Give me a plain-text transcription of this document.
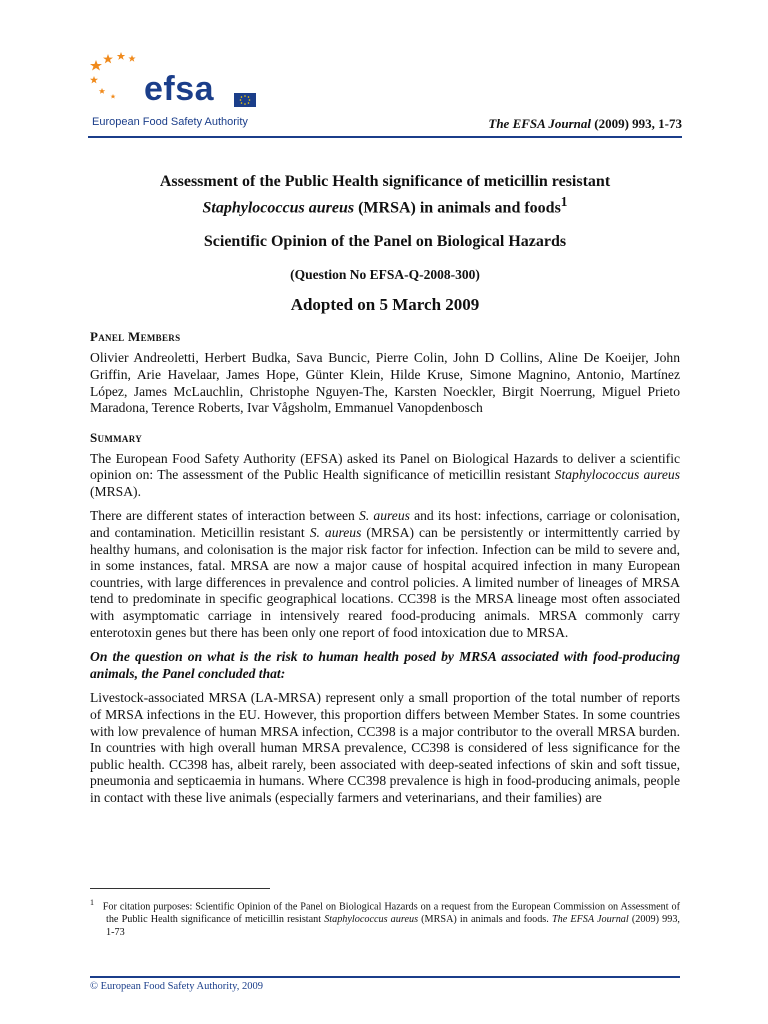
efsa
European Food Safety Authority	The EFSA Journal (2009) 993, 1-73
Assessment of the Public Health significance of meticillin resistant
Staphylococcus aureus (MRSA) in animals and foods$^1$

Scientific Opinion of the Panel on Biological Hazards

(Question No EFSA-Q-2008-300)

Adopted on 5 March 2009

Panel Members

Olivier Andreoletti, Herbert Budka, Sava Buncic, Pierre Colin, John D Collins, Aline De Koeijer, John Griffin, Arie Havelaar, James Hope, Günter Klein, Hilde Kruse, Simone Magnino, Antonio, Martínez López, James McLauchlin, Christophe Nguyen-The, Karsten Noeckler, Birgit Noerrung, Miguel Prieto Maradona, Terence Roberts, Ivar Vågsholm, Emmanuel Vanopdenbosch

Summary

The European Food Safety Authority (EFSA) asked its Panel on Biological Hazards to deliver a scientific opinion on: The assessment of the Public Health significance of meticillin resistant Staphylococcus aureus (MRSA).

There are different states of interaction between S. aureus and its host: infections, carriage or colonisation, and contamination. Meticillin resistant S. aureus (MRSA) can be persistently or intermittently carried by healthy humans, and colonisation is the major risk factor for infection. Infection can be mild to severe and, in some instances, fatal. MRSA are now a major cause of hospital acquired infection in many European countries, with large differences in prevalence and control policies. A limited number of lineages of MRSA tend to predominate in specific geographical locations. CC398 is the MRSA lineage most often associated with asymptomatic carriage in intensively reared food-producing animals. MRSA commonly carry enterotoxin genes but there has been only one report of food intoxication due to MRSA.

On the question on what is the risk to human health posed by MRSA associated with food-producing animals, the Panel concluded that:

Livestock-associated MRSA (LA-MRSA) represent only a small proportion of the total number of reports of MRSA infections in the EU. However, this proportion differs between Member States. In some countries with low prevalence of human MRSA infection, CC398 is a major contributor to the overall MRSA burden. In countries with high overall human MRSA prevalence, CC398 is considered of less significance for the public health. CC398 has, albeit rarely, been associated with deep-seated infections of skin and soft tissue, pneumonia and septicaemia in humans. Where CC398 prevalence is high in food-producing animals, people in contact with these live animals (especially farmers and veterinarians, and their families) are

$^1$ For citation purposes: Scientific Opinion of the Panel on Biological Hazards on a request from the European Commission on Assessment of the Public Health significance of meticillin resistant Staphylococcus aureus (MRSA) in animals and foods. The EFSA Journal (2009) 993, 1-73
© European Food Safety Authority, 2009
